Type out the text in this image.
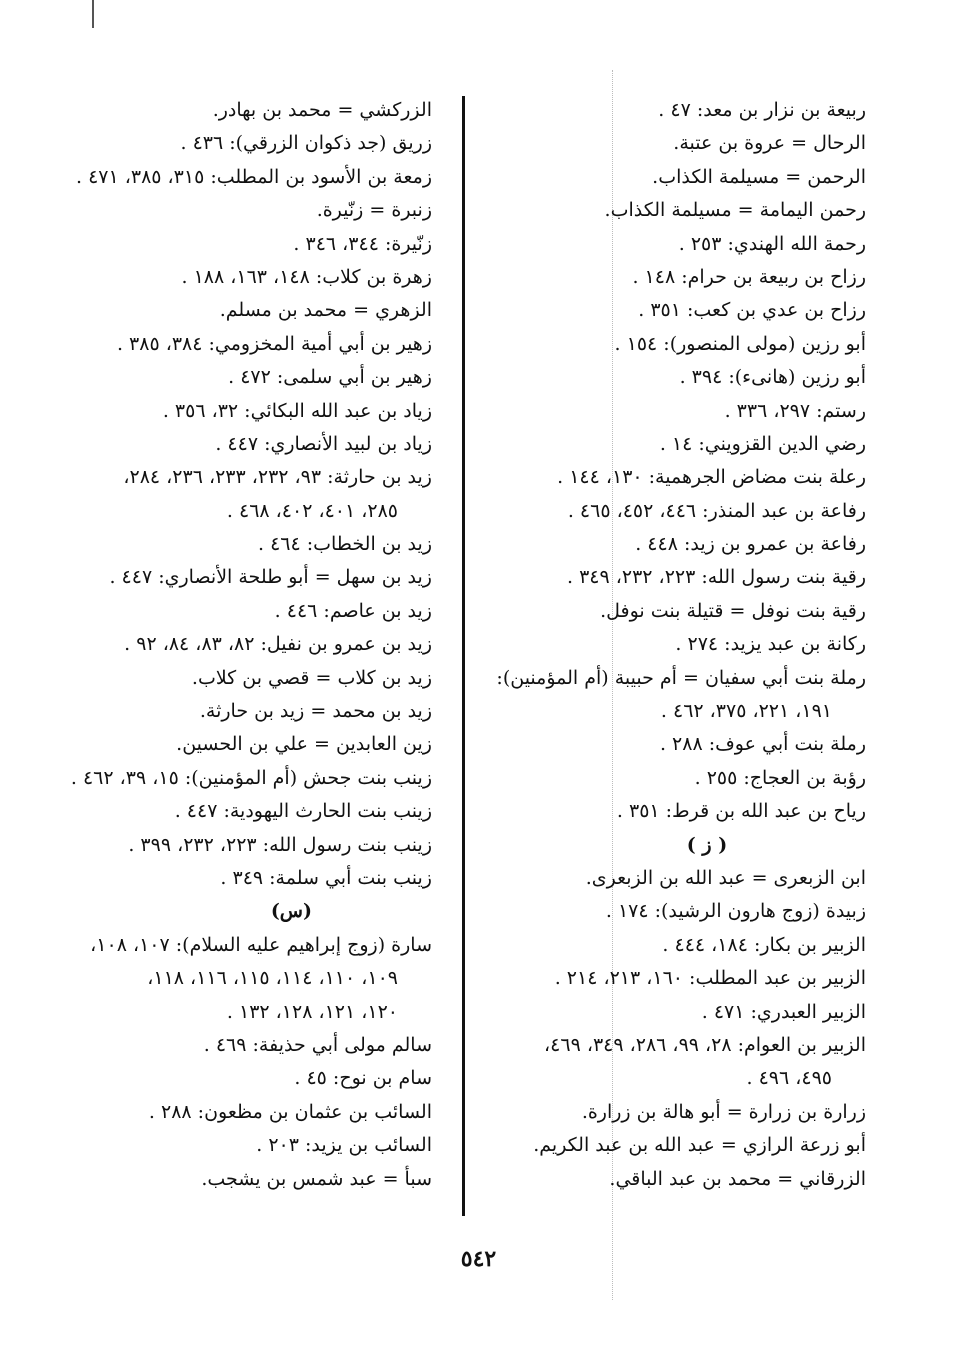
ربيعة بن نزار بن معد: ٤٧ .
الرحال = عروة بن عتبة.
الرحمن = مسيلمة الكذاب.
رحمن اليمامة = مسيلمة الكذاب.
رحمة الله الهندي: ٢٥٣ .
رزاح بن ربيعة بن حرام: ١٤٨ .
رزاح بن عدي بن كعب: ٣٥١ .
أبو رزين (مولى المنصور): ١٥٤ .
أبو رزين (هانىء): ٣٩٤ .
رستم: ٢٩٧، ٣٣٦ .
رضي الدين القزويني: ١٤ .
رعلة بنت مضاض الجرهمية: ١٣٠، ١٤٤ .
رفاعة بن عبد المنذر: ٤٤٦، ٤٥٢، ٤٦٥ .
رفاعة بن عمرو بن زيد: ٤٤٨ .
رقية بنت رسول الله: ٢٢٣، ٢٣٢، ٣٤٩ .
رقية بنت نوفل = قتيلة بنت نوفل.
ركانة بن عبد يزيد: ٢٧٤ .
رملة بنت أبي سفيان = أم حبيبة (أم المؤمنين):
١٩١، ٢٢١، ٣٧٥، ٤٦٢ .
رملة بنت أبي عوف: ٢٨٨ .
رؤبة بن العجاج: ٢٥٥ .
رياح بن عبد الله بن قرط: ٣٥١ .
( ز )
ابن الزبعرى = عبد الله بن الزبعرى.
زبيدة (زوج هارون الرشيد): ١٧٤ .
الزبير بن بكار: ١٨٤، ٤٤٤ .
الزبير بن عبد المطلب: ١٦٠، ٢١٣، ٢١٤ .
الزبير العبدري: ٤٧١ .
الزبير بن العوام: ٢٨، ٩٩، ٢٨٦، ٣٤٩، ٤٦٩،
٤٩٥، ٤٩٦ .
زرارة بن زرارة = أبو هالة بن زرارة.
أبو زرعة الرازي = عبد الله بن عبد الكريم.
الزرقاني = محمد بن عبد الباقي.
الزركشي = محمد بن بهادر.
زريق (جد ذكوان الزرقي): ٤٣٦ .
زمعة بن الأسود بن المطلب: ٣١٥، ٣٨٥، ٤٧١ .
زنبرة = زنّيرة.
زنّيرة: ٣٤٤، ٣٤٦ .
زهرة بن كلاب: ١٤٨، ١٦٣، ١٨٨ .
الزهري = محمد بن مسلم.
زهير بن أبي أمية المخزومي: ٣٨٤، ٣٨٥ .
زهير بن أبي سلمى: ٤٧٢ .
زياد بن عبد الله البكائي: ٣٢، ٣٥٦ .
زياد بن لبيد الأنصاري: ٤٤٧ .
زيد بن حارثة: ٩٣، ٢٣٢، ٢٣٣، ٢٣٦، ٢٨٤،
٢٨٥، ٤٠١، ٤٠٢، ٤٦٨ .
زيد بن الخطاب: ٤٦٤ .
زيد بن سهل = أبو طلحة الأنصاري: ٤٤٧ .
زيد بن عاصم: ٤٤٦ .
زيد بن عمرو بن نفيل: ٨٢، ٨٣، ٨٤، ٩٢ .
زيد بن كلاب = قصي بن كلاب.
زيد بن محمد = زيد بن حارثة.
زين العابدين = علي بن الحسين.
زينب بنت جحش (أم المؤمنين): ١٥، ٣٩، ٤٦٢ .
زينب بنت الحارث اليهودية: ٤٤٧ .
زينب بنت رسول الله: ٢٢٣، ٢٣٢، ٣٩٩ .
زينب بنت أبي سلمة: ٣٤٩ .
(س)
سارة (زوج إبراهيم عليه السلام): ١٠٧، ١٠٨،
١٠٩، ١١٠، ١١٤، ١١٥، ١١٦، ١١٨،
١٢٠، ١٢١، ١٢٨، ١٣٢ .
سالم مولى أبي حذيفة: ٤٦٩ .
سام بن نوح: ٤٥ .
السائب بن عثمان بن مظعون: ٢٨٨ .
السائب بن يزيد: ٢٠٣ .
سبأ = عبد شمس بن يشجب.
٥٤٢
